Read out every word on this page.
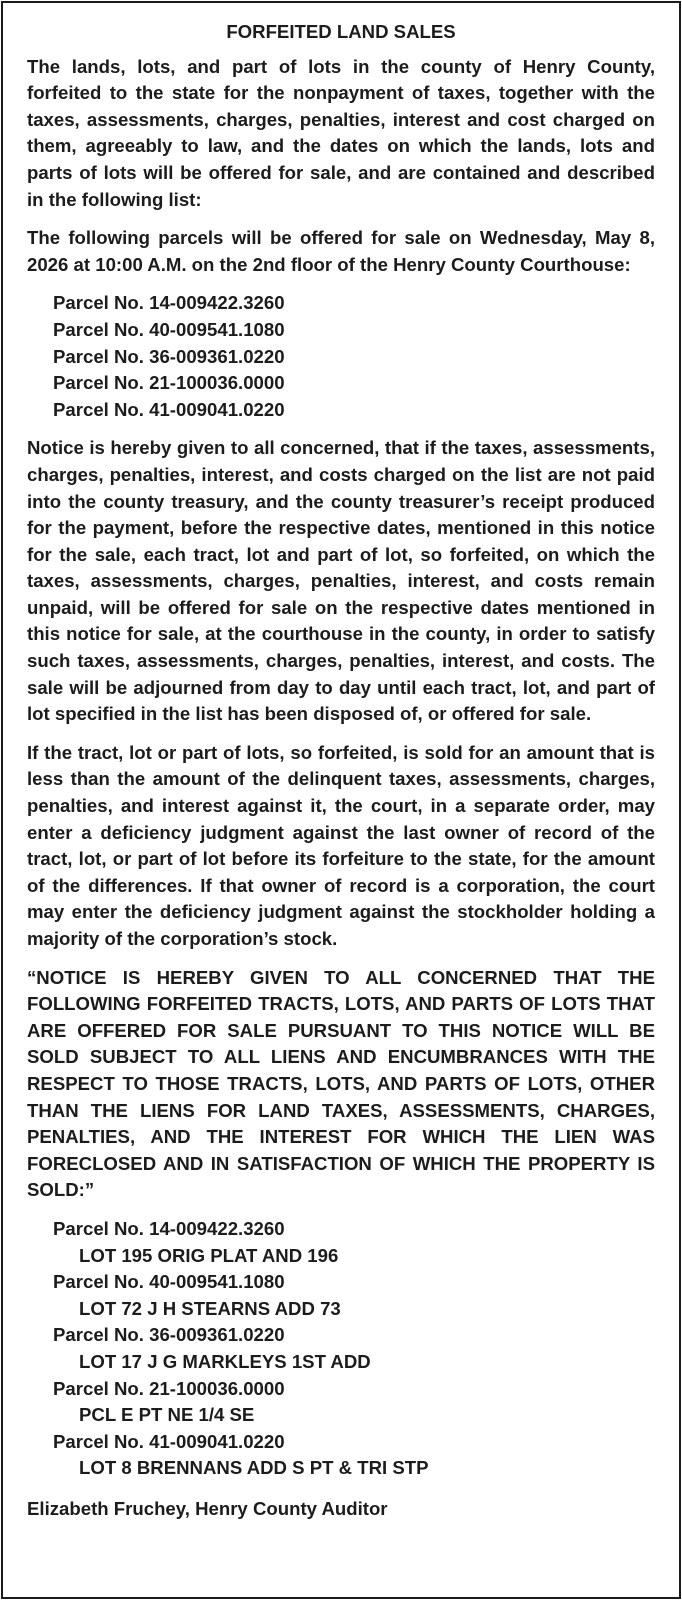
FORFEITED LAND SALES

The lands, lots, and part of lots in the county of Henry County, forfeited to the state for the nonpayment of taxes, together with the taxes, assessments, charges, penalties, interest and cost charged on them, agreeably to law, and the dates on which the lands, lots and parts of lots will be offered for sale, and are contained and described in the following list:

The following parcels will be offered for sale on Wednesday, May 8, 2026 at 10:00 A.M. on the 2nd floor of the Henry County Courthouse:

Parcel No. 14-009422.3260
Parcel No. 40-009541.1080
Parcel No. 36-009361.0220
Parcel No. 21-100036.0000
Parcel No. 41-009041.0220

Notice is hereby given to all concerned, that if the taxes, assessments, charges, penalties, interest, and costs charged on the list are not paid into the county treasury, and the county treasurer’s receipt produced for the payment, before the respective dates, mentioned in this notice for the sale, each tract, lot and part of lot, so forfeited, on which the taxes, assessments, charges, penalties, interest, and costs remain unpaid, will be offered for sale on the respective dates mentioned in this notice for sale, at the courthouse in the county, in order to satisfy such taxes, assessments, charges, penalties, interest, and costs. The sale will be adjourned from day to day until each tract, lot, and part of lot specified in the list has been disposed of, or offered for sale.

If the tract, lot or part of lots, so forfeited, is sold for an amount that is less than the amount of the delinquent taxes, assessments, charges, penalties, and interest against it, the court, in a separate order, may enter a deficiency judgment against the last owner of record of the tract, lot, or part of lot before its forfeiture to the state, for the amount of the differences. If that owner of record is a corporation, the court may enter the deficiency judgment against the stockholder holding a majority of the corporation’s stock.

“NOTICE IS HEREBY GIVEN TO ALL CONCERNED THAT THE FOLLOWING FORFEITED TRACTS, LOTS, AND PARTS OF LOTS THAT ARE OFFERED FOR SALE PURSUANT TO THIS NOTICE WILL BE SOLD SUBJECT TO ALL LIENS AND ENCUMBRANCES WITH THE RESPECT TO THOSE TRACTS, LOTS, AND PARTS OF LOTS, OTHER THAN THE LIENS FOR LAND TAXES, ASSESSMENTS, CHARGES, PENALTIES, AND THE INTEREST FOR WHICH THE LIEN WAS FORECLOSED AND IN SATISFACTION OF WHICH THE PROPERTY IS SOLD:”

Parcel No. 14-009422.3260
LOT 195 ORIG PLAT AND 196
Parcel No. 40-009541.1080
LOT 72 J H STEARNS ADD 73
Parcel No. 36-009361.0220
LOT 17 J G MARKLEYS 1ST ADD
Parcel No. 21-100036.0000
PCL E PT NE 1/4 SE
Parcel No. 41-009041.0220
LOT 8 BRENNANS ADD S PT & TRI STP
Elizabeth Fruchey, Henry County Auditor
